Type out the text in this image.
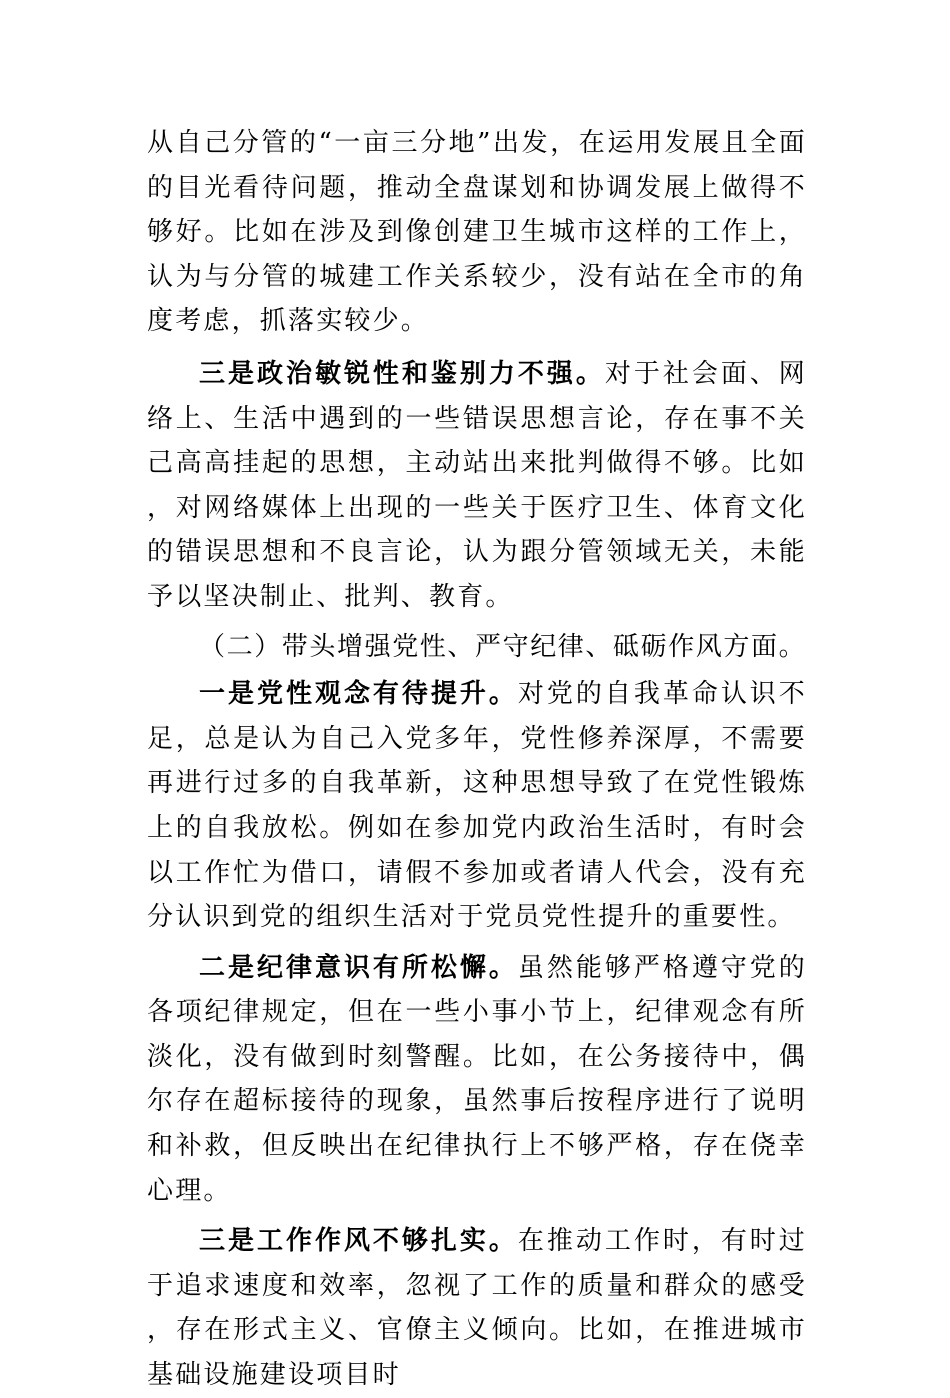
从自己分管的“一亩三分地”出发，在运用发展且全面的目光看待问题，推动全盘谋划和协调发展上做得不够好。比如在涉及到像创建卫生城市这样的工作上，认为与分管的城建工作关系较少，没有站在全市的角度考虑，抓落实较少。

三是政治敏锐性和鉴别力不强。对于社会面、网络上、生活中遇到的一些错误思想言论，存在事不关己高高挂起的思想，主动站出来批判做得不够。比如，对网络媒体上出现的一些关于医疗卫生、体育文化的错误思想和不良言论，认为跟分管领域无关，未能予以坚决制止、批判、教育。

（二）带头增强党性、严守纪律、砥砺作风方面。

一是党性观念有待提升。对党的自我革命认识不足，总是认为自己入党多年，党性修养深厚，不需要再进行过多的自我革新，这种思想导致了在党性锻炼上的自我放松。例如在参加党内政治生活时，有时会以工作忙为借口，请假不参加或者请人代会，没有充分认识到党的组织生活对于党员党性提升的重要性。

二是纪律意识有所松懈。虽然能够严格遵守党的各项纪律规定，但在一些小事小节上，纪律观念有所淡化，没有做到时刻警醒。比如，在公务接待中，偶尔存在超标接待的现象，虽然事后按程序进行了说明和补救，但反映出在纪律执行上不够严格，存在侥幸心理。

三是工作作风不够扎实。在推动工作时，有时过于追求速度和效率，忽视了工作的质量和群众的感受，存在形式主义、官僚主义倾向。比如，在推进城市基础设施建设项目时
